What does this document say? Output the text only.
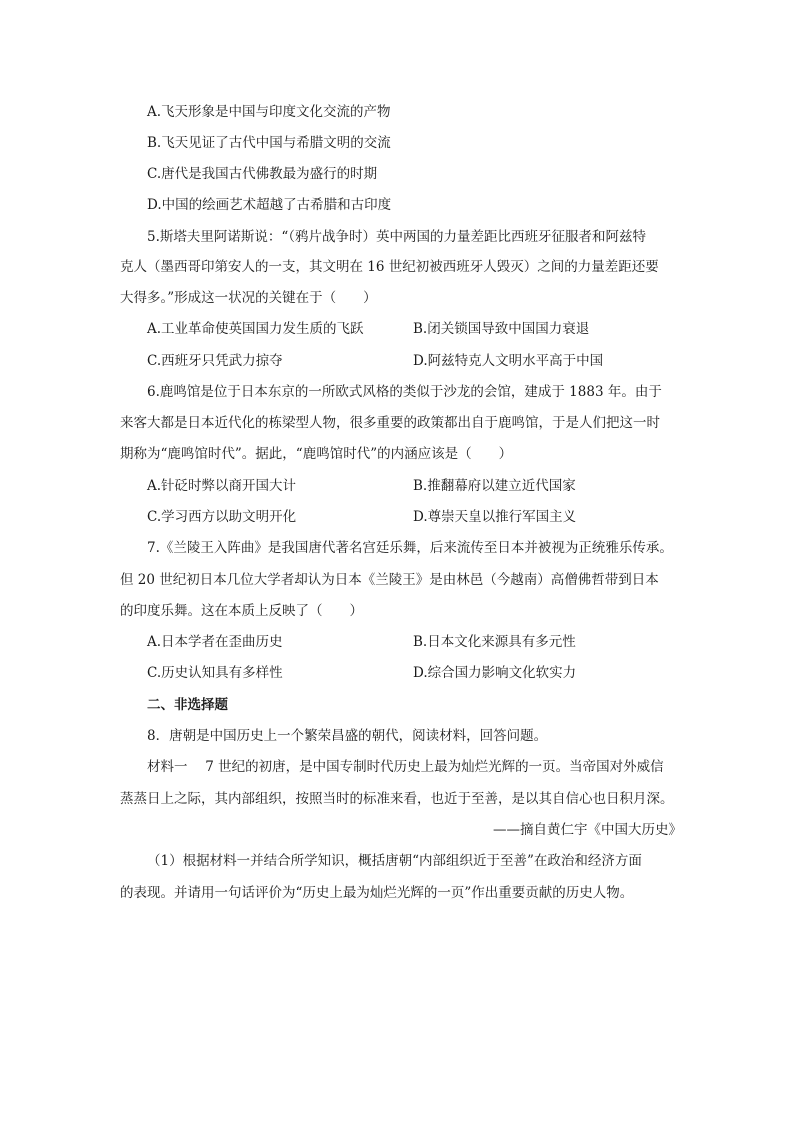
A.飞天形象是中国与印度文化交流的产物
B.飞天见证了古代中国与希腊文明的交流
C.唐代是我国古代佛教最为盛行的时期
D.中国的绘画艺术超越了古希腊和古印度
5.斯塔夫里阿诺斯说：“（鸦片战争时）英中两国的力量差距比西班牙征服者和阿兹特
克人（墨西哥印第安人的一支，其文明在 16 世纪初被西班牙人毁灭）之间的力量差距还要
大得多。”形成这一状况的关键在于（　　）
A.工业革命使英国国力发生质的飞跃	B.闭关锁国导致中国国力衰退
C.西班牙只凭武力掠夺	D.阿兹特克人文明水平高于中国
6.鹿鸣馆是位于日本东京的一所欧式风格的类似于沙龙的会馆，建成于 1883 年。由于
来客大都是日本近代化的栋梁型人物，很多重要的政策都出自于鹿鸣馆，于是人们把这一时
期称为“鹿鸣馆时代”。据此，“鹿鸣馆时代”的内涵应该是（　　）
A.针砭时弊以商开国大计	B.推翻幕府以建立近代国家
C.学习西方以助文明开化	D.尊崇天皇以推行军国主义
7.《兰陵王入阵曲》是我国唐代著名宫廷乐舞，后来流传至日本并被视为正统雅乐传承。
但 20 世纪初日本几位大学者却认为日本《兰陵王》是由林邑（今越南）高僧佛哲带到日本
的印度乐舞。这在本质上反映了（　　）
A.日本学者在歪曲历史	B.日本文化来源具有多元性
C.历史认知具有多样性	D.综合国力影响文化软实力
二、非选择题
8．唐朝是中国历史上一个繁荣昌盛的朝代，阅读材料，回答问题。
材料一　 7 世纪的初唐，是中国专制时代历史上最为灿烂光辉的一页。当帝国对外威信
蒸蒸日上之际，其内部组织，按照当时的标准来看，也近于至善，是以其自信心也日积月深。
——摘自黄仁宇《中国大历史》
（1）根据材料一并结合所学知识，概括唐朝“内部组织近于至善”在政治和经济方面
的表现。并请用一句话评价为“历史上最为灿烂光辉的一页”作出重要贡献的历史人物。
